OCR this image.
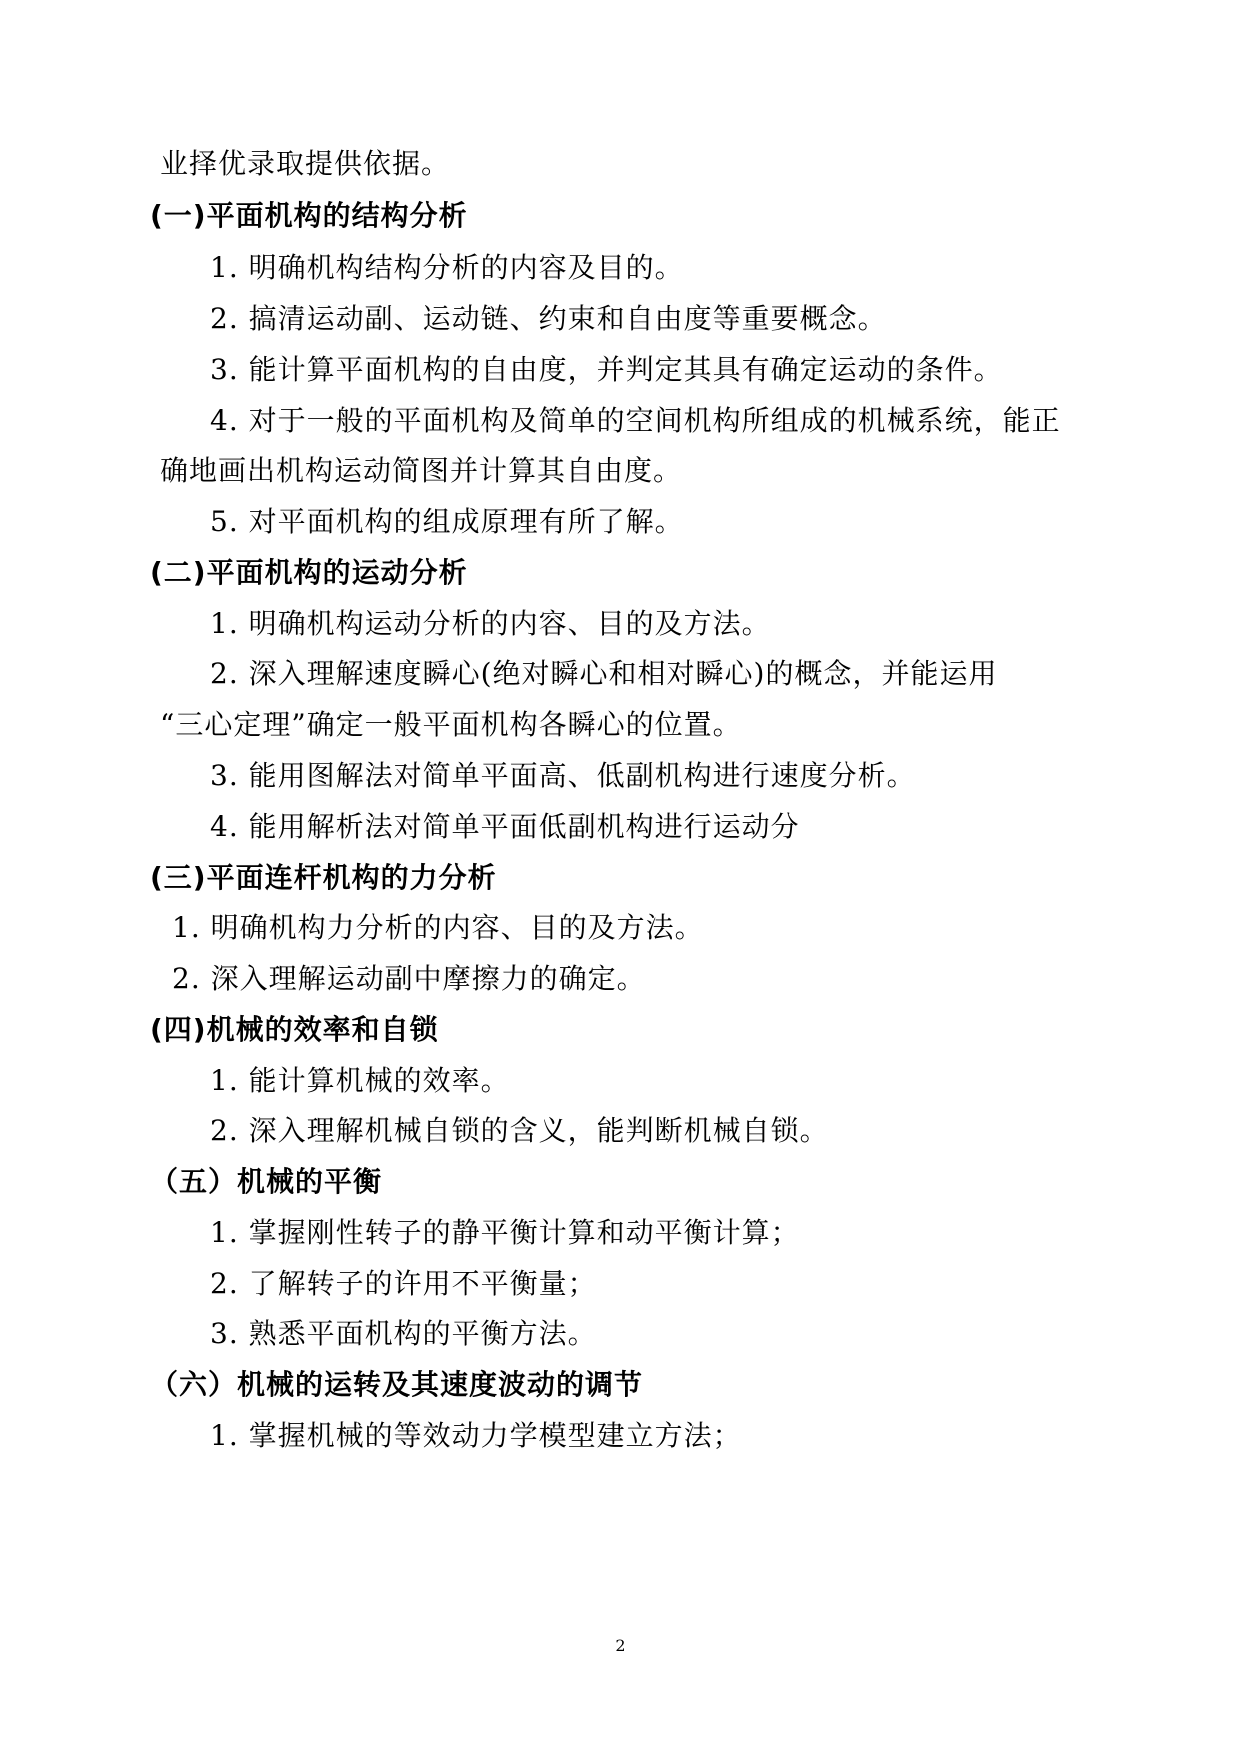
业择优录取提供依据。
(一)平面机构的结构分析
1. 明确机构结构分析的内容及目的。
2. 搞清运动副、运动链、约束和自由度等重要概念。
3. 能计算平面机构的自由度，并判定其具有确定运动的条件。
4. 对于一般的平面机构及简单的空间机构所组成的机械系统，能正
确地画出机构运动简图并计算其自由度。
5. 对平面机构的组成原理有所了解。
(二)平面机构的运动分析
1. 明确机构运动分析的内容、目的及方法。
2. 深入理解速度瞬心(绝对瞬心和相对瞬心)的概念，并能运用
“三心定理”确定一般平面机构各瞬心的位置。
3. 能用图解法对简单平面高、低副机构进行速度分析。
4. 能用解析法对简单平面低副机构进行运动分
(三)平面连杆机构的力分析
1. 明确机构力分析的内容、目的及方法。
2. 深入理解运动副中摩擦力的确定。
(四)机械的效率和自锁
1. 能计算机械的效率。
2. 深入理解机械自锁的含义，能判断机械自锁。
（五）机械的平衡
1. 掌握刚性转子的静平衡计算和动平衡计算；
2. 了解转子的许用不平衡量；
3. 熟悉平面机构的平衡方法。
（六）机械的运转及其速度波动的调节
1. 掌握机械的等效动力学模型建立方法；
2
